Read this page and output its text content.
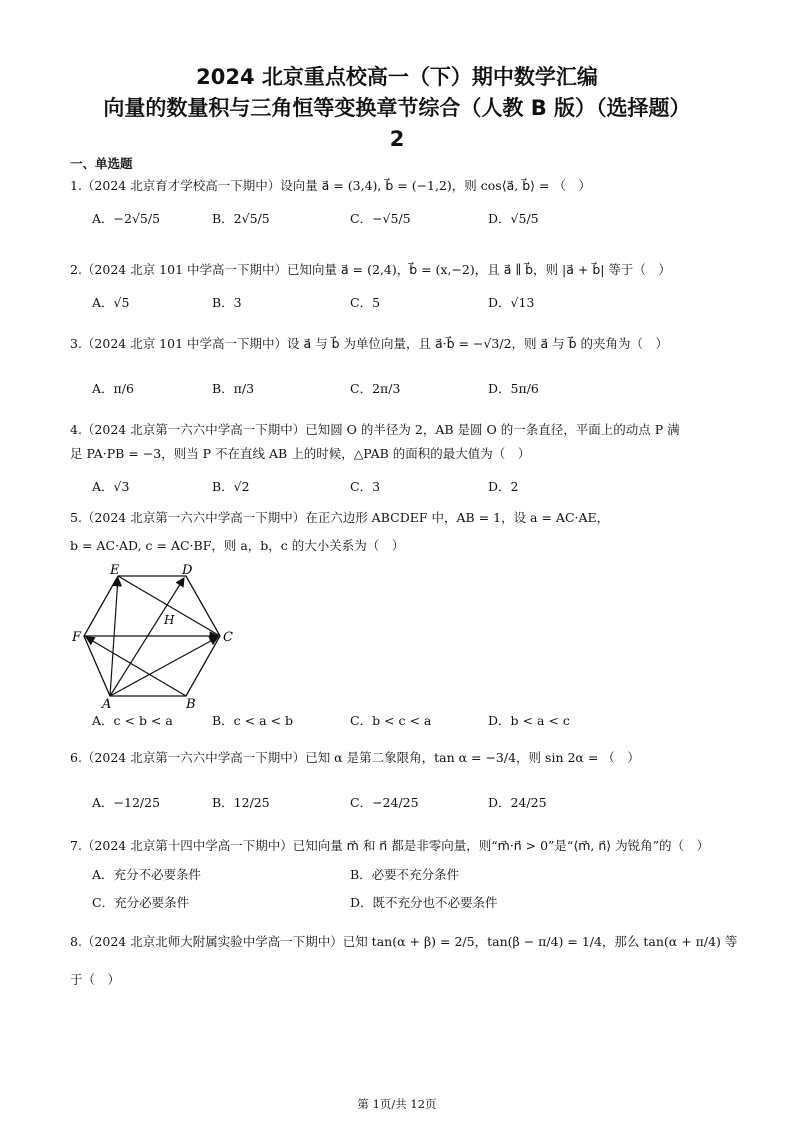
2024 北京重点校高一（下）期中数学汇编
向量的数量积与三角恒等变换章节综合（人教 B 版）（选择题）
2
一、单选题
1.（2024 北京育才学校高一下期中）设向量 a⃗ = (3,4), b⃗ = (−1,2)，则 cos⟨a⃗, b⃗⟩ = （　）
A．−2√5/5	B．2√5/5	C．−√5/5	D．√5/5
2.（2024 北京 101 中学高一下期中）已知向量 a⃗ = (2,4)，b⃗ = (x,−2)，且 a⃗ ∥ b⃗，则 |a⃗ + b⃗| 等于（　）
A．√5	B．3	C．5	D．√13
3.（2024 北京 101 中学高一下期中）设 a⃗ 与 b⃗ 为单位向量，且 a⃗·b⃗ = −√3/2，则 a⃗ 与 b⃗ 的夹角为（　）
A．π/6	B．π/3	C．2π/3	D．5π/6
4.（2024 北京第一六六中学高一下期中）已知圆 O 的半径为 2，AB 是圆 O 的一条直径，平面上的动点 P 满
足 PA·PB = −3，则当 P 不在直线 AB 上的时候，△PAB 的面积的最大值为（　）
A．√3	B．√2	C．3	D．2
5.（2024 北京第一六六中学高一下期中）在正六边形 ABCDEF 中，AB = 1，设 a = AC·AE，
b = AC·AD, c = AC·BF，则 a，b，c 的大小关系为（　）
E	D
F	C
A	B
H
A．c < b < a	B．c < a < b	C．b < c < a	D．b < a < c
6.（2024 北京第一六六中学高一下期中）已知 α 是第二象限角，tan α = −3/4，则 sin 2α = （　）
A．−12/25	B．12/25	C．−24/25	D．24/25
7.（2024 北京第十四中学高一下期中）已知向量 m⃗ 和 n⃗ 都是非零向量，则“m⃗·n⃗ > 0”是“⟨m⃗, n⃗⟩ 为锐角”的（　）
A．充分不必要条件	B．必要不充分条件
C．充分必要条件	D．既不充分也不必要条件
8.（2024 北京北师大附属实验中学高一下期中）已知 tan(α + β) = 2/5，tan(β − π/4) = 1/4，那么 tan(α + π/4) 等
于（　）
第 1页/共 12页
